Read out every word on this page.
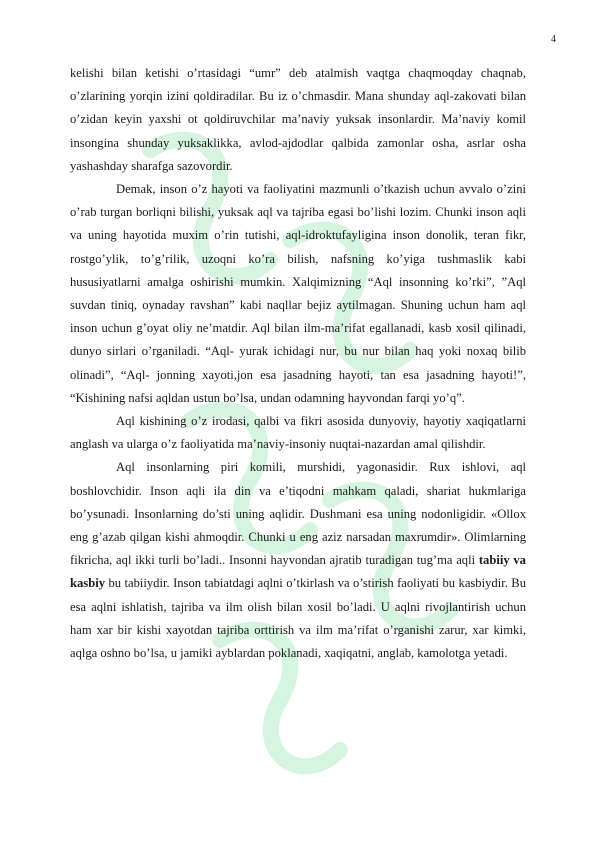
4

kelishi bilan ketishi o’rtasidagi “umr” deb atalmish vaqtga chaqmoqday chaqnab, o’zlarining yorqin izini qoldiradilar. Bu iz o’chmasdir. Mana shunday aql-zakovati bilan o’zidan keyin yaxshi ot qoldiruvchilar ma’naviy yuksak insonlardir. Ma’naviy komil insongina shunday yuksaklikka, avlod-ajdodlar qalbida zamonlar osha, asrlar osha yashashday sharafga sazovordir.

Demak, inson o’z hayoti va faoliyatini mazmunli o’tkazish uchun avvalo o’zini o’rab turgan borliqni bilishi, yuksak aql va tajriba egasi bo’lishi lozim. Chunki inson aqli va uning hayotida muxim o’rin tutishi, aql-idroktufayligina inson donolik, teran fikr, rostgo’ylik, to’g’rilik, uzoqni ko’ra bilish, nafsning ko’yiga tushmaslik kabi hususiyatlarni amalga oshirishi mumkin. Xalqimizning “Aql insonning ko’rki”, ”Aql suvdan tiniq, oynaday ravshan” kabi naqllar bejiz aytilmagan. Shuning uchun ham aql inson uchun g’oyat oliy ne’matdir. Aql bilan ilm-ma’rifat egallanadi, kasb xosil qilinadi, dunyo sirlari o’rganiladi. “Aql- yurak ichidagi nur, bu nur bilan haq yoki noxaq bilib olinadi”, “Aql- jonning xayoti,jon esa jasadning hayoti, tan esa jasadning hayoti!”, “Kishining nafsi aqldan ustun bo’lsa, undan odamning hayvondan farqi yo’q”.

Aql kishining o’z irodasi, qalbi va fikri asosida dunyoviy, hayotiy xaqiqatlarni anglash va ularga o’z faoliyatida ma’naviy-insoniy nuqtai-nazardan amal qilishdir.

Aql insonlarning piri komili, murshidi, yagonasidir. Rux ishlovi, aql boshlovchidir. Inson aqli ila din va e’tiqodni mahkam qaladi, shariat hukmlariga bo’ysunadi. Insonlarning do’sti uning aqlidir. Dushmani esa uning nodonligidir. «Ollox eng g’azab qilgan kishi ahmoqdir. Chunki u eng aziz narsadan maxrumdir». Olimlarning fikricha, aql ikki turli bo’ladi.. Insonni hayvondan ajratib turadigan tug’ma aqli tabiiy va kasbiy bu tabiiydir. Inson tabiatdagi aqlni o’tkirlash va o’stirish faoliyati bu kasbiydir. Bu esa aqlni ishlatish, tajriba va ilm olish bilan xosil bo’ladi. U aqlni rivojlantirish uchun ham xar bir kishi xayotdan tajriba orttirish va ilm ma’rifat o’rganishi zarur, xar kimki, aqlga oshno bo’lsa, u jamiki ayblardan poklanadi, xaqiqatni, anglab, kamolotga yetadi.
